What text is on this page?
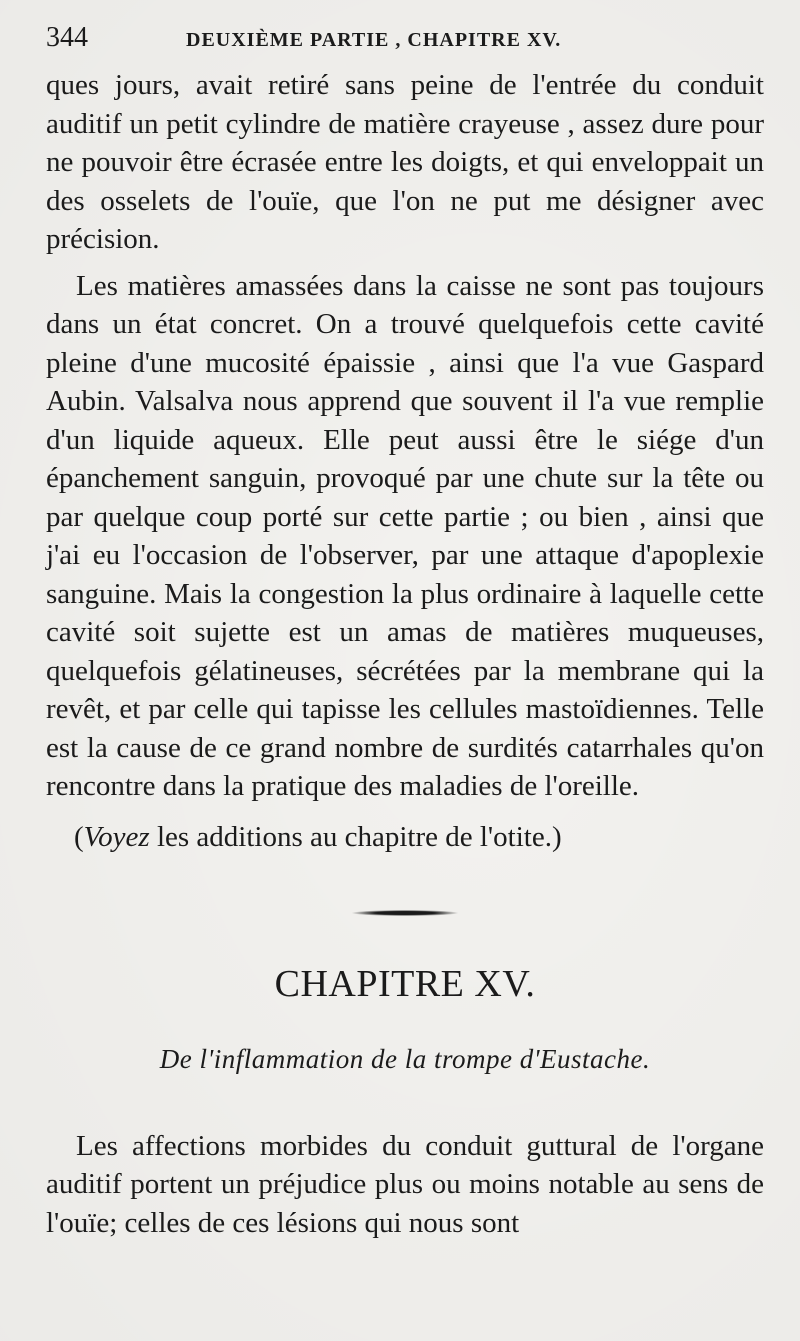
344	DEUXIÈME PARTIE , CHAPITRE XV.

ques jours, avait retiré sans peine de l'entrée du conduit auditif un petit cylindre de matière crayeuse , assez dure pour ne pouvoir être écrasée entre les doigts, et qui enveloppait un des osselets de l'ouïe, que l'on ne put me désigner avec précision.

Les matières amassées dans la caisse ne sont pas toujours dans un état concret. On a trouvé quelquefois cette cavité pleine d'une mucosité épaissie , ainsi que l'a vue Gaspard Aubin. Valsalva nous apprend que souvent il l'a vue remplie d'un liquide aqueux. Elle peut aussi être le siége d'un épanchement sanguin, provoqué par une chute sur la tête ou par quelque coup porté sur cette partie ; ou bien , ainsi que j'ai eu l'occasion de l'observer, par une attaque d'apoplexie sanguine. Mais la congestion la plus ordinaire à laquelle cette cavité soit sujette est un amas de matières muqueuses, quelquefois gélatineuses, sécrétées par la membrane qui la revêt, et par celle qui tapisse les cellules mastoïdiennes. Telle est la cause de ce grand nombre de surdités catarrhales qu'on rencontre dans la pratique des maladies de l'oreille.

(Voyez les additions au chapitre de l'otite.)

CHAPITRE XV.

De l'inflammation de la trompe d'Eustache.

Les affections morbides du conduit guttural de l'organe auditif portent un préjudice plus ou moins notable au sens de l'ouïe; celles de ces lésions qui nous sont
